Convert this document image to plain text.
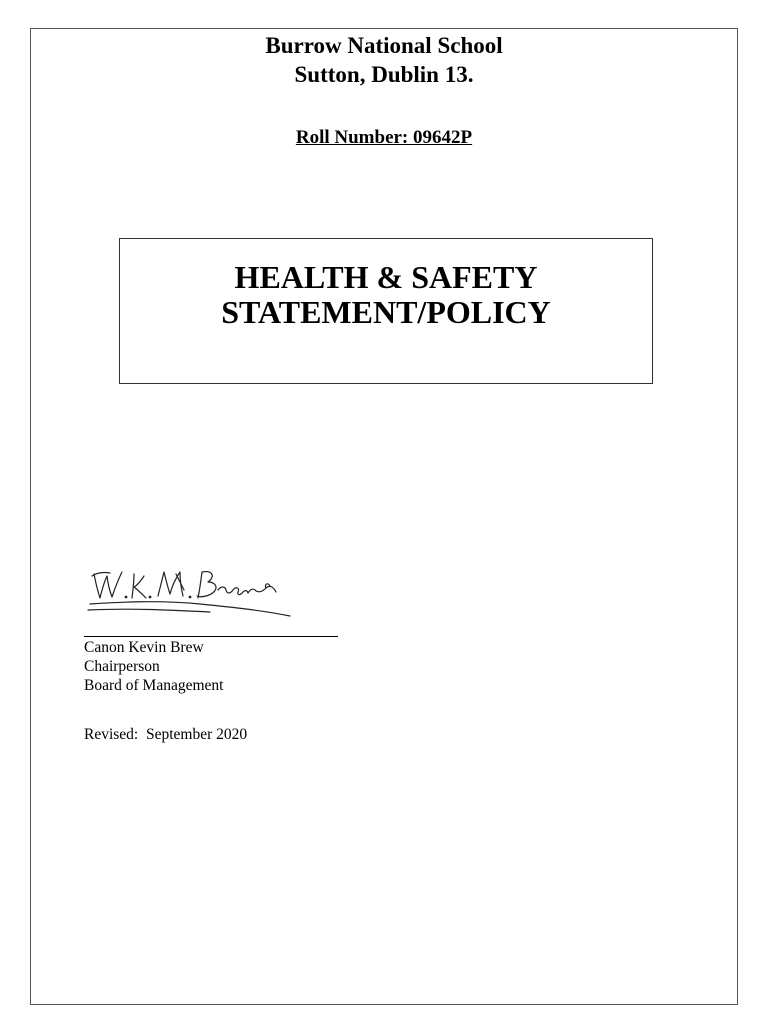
Burrow National School
Sutton, Dublin 13.
Roll Number: 09642P
HEALTH & SAFETY
STATEMENT/POLICY
Canon Kevin Brew
Chairperson
Board of Management
Revised:  September 2020
